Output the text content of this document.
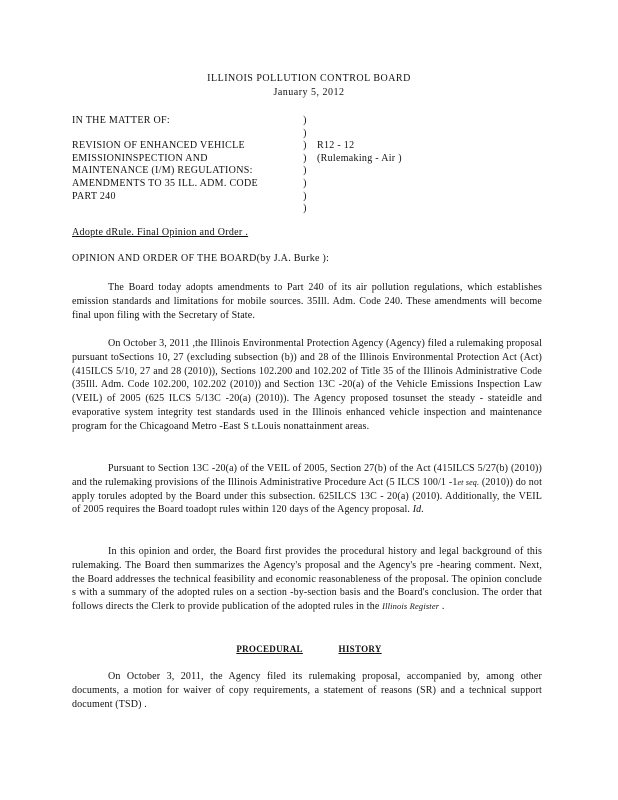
ILLINOIS POLLUTION CONTROL BOARD
January 5, 2012
IN THE MATTER OF:
REVISION OF ENHANCED VEHICLE
EMISSIONINSPECTION AND
MAINTENANCE (I/M) REGULATIONS:
AMENDMENTS TO 35 ILL. ADM. CODE
PART 240
)
)
)
)
)
)
)
)
R12 - 12
(Rulemaking - Air )
Adopte dRule. Final Opinion and Order .
OPINION AND ORDER OF THE BOARD(by J.A. Burke ):
The Board today adopts amendments to Part 240 of its air pollution regulations, which establishes emission standards and limitations for mobile sources. 35Ill. Adm. Code 240. These amendments will become final upon filing with the Secretary of State.
On October 3, 2011 ,the Illinois Environmental Protection Agency (Agency) filed a rulemaking proposal pursuant toSections 10, 27 (excluding subsection (b)) and 28 of the Illinois Environmental Protection Act (Act) (415ILCS 5/10, 27 and 28 (2010)), Sections 102.200 and 102.202 of Title 35 of the Illinois Administrative Code (35Ill. Adm. Code 102.200, 102.202 (2010)) and Section 13C -20(a) of the Vehicle Emissions Inspection Law (VEIL) of 2005 (625 ILCS 5/13C -20(a) (2010)). The Agency proposed tosunset the steady - stateidle and evaporative system integrity test standards used in the Illinois enhanced vehicle inspection and maintenance program for the Chicagoand Metro -East S t.Louis nonattainment areas.
Pursuant to Section 13C -20(a) of the VEIL of 2005, Section 27(b) of the Act (415ILCS 5/27(b) (2010)) and the rulemaking provisions of the Illinois Administrative Procedure Act (5 ILCS 100/1 -1et seq. (2010)) do not apply torules adopted by the Board under this subsection. 625ILCS 13C - 20(a) (2010). Additionally, the VEIL of 2005 requires the Board toadopt rules within 120 days of the Agency proposal. Id.
In this opinion and order, the Board first provides the procedural history and legal background of this rulemaking. The Board then summarizes the Agency's proposal and the Agency's pre -hearing comment. Next, the Board addresses the technical feasibility and economic reasonableness of the proposal. The opinion conclude s with a summary of the adopted rules on a section -by-section basis and the Board's conclusion. The order that follows directs the Clerk to provide publication of the adopted rules in the Illinois Register .
PROCEDURAL	HISTORY
On October 3, 2011, the Agency filed its rulemaking proposal, accompanied by, among other documents, a motion for waiver of copy requirements, a statement of reasons (SR) and a technical support document (TSD) .
